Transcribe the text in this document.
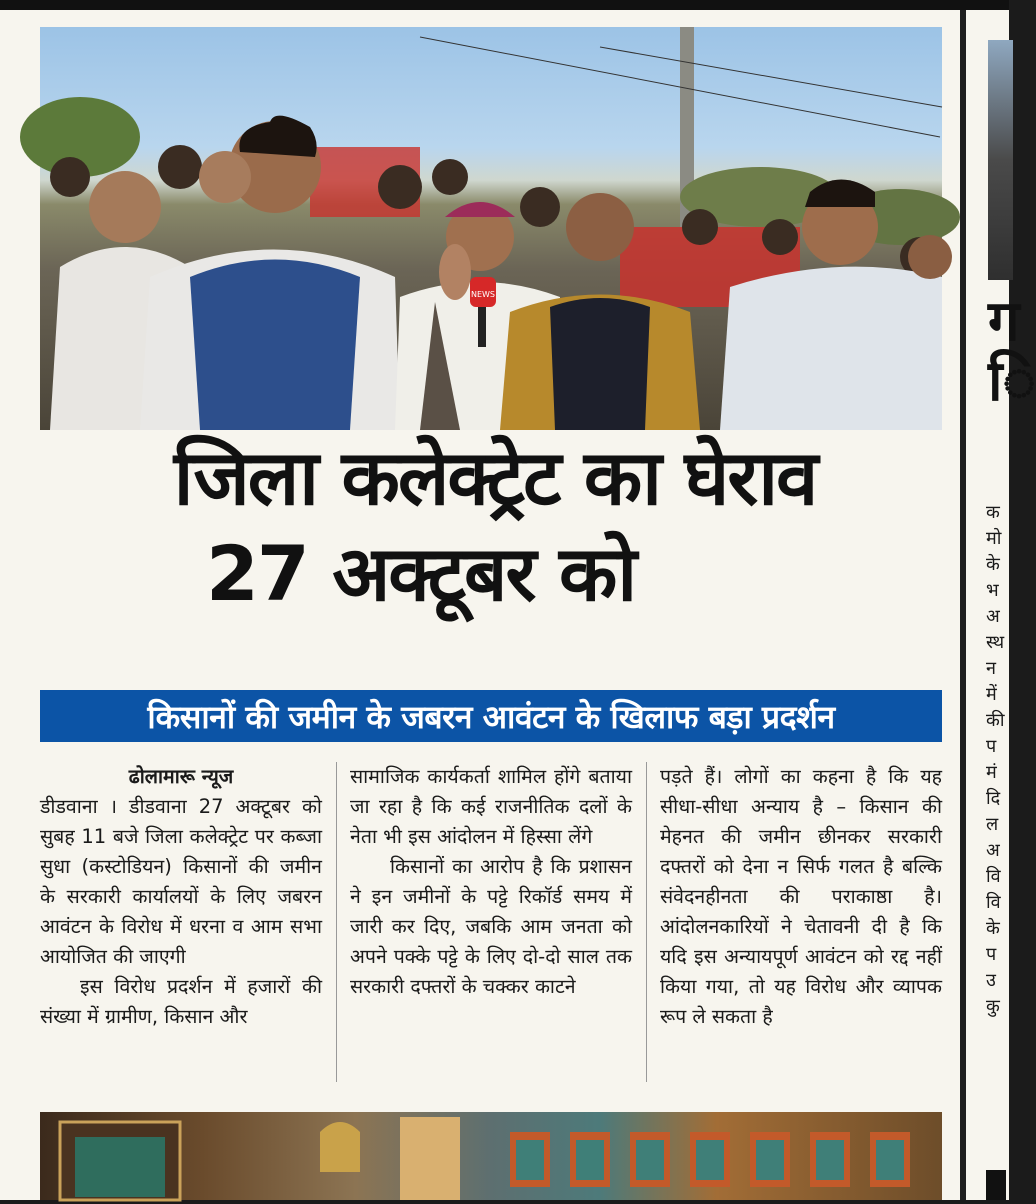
NEWS
जिला कलेक्ट्रेट का घेराव
27 अक्टूबर को
किसानों की जमीन के जबरन आवंटन के खिलाफ बड़ा प्रदर्शन
ढोलामारू न्यूज

डीडवाना । डीडवाना 27 अक्टूबर को सुबह 11 बजे जिला कलेक्ट्रेट पर कब्जा सुधा (कस्टोडियन) किसानों की जमीन के सरकारी कार्यालयों के लिए जबरन आवंटन के विरोध में धरना व आम सभा आयोजित की जाएगी

इस विरोध प्रदर्शन में हजारों की संख्या में ग्रामीण, किसान और

सामाजिक कार्यकर्ता शामिल होंगे बताया जा रहा है कि कई राजनीतिक दलों के नेता भी इस आंदोलन में हिस्सा लेंगे

किसानों का आरोप है कि प्रशासन ने इन जमीनों के पट्टे रिकॉर्ड समय में जारी कर दिए, जबकि आम जनता को अपने पक्के पट्टे के लिए दो-दो साल तक सरकारी दफ्तरों के चक्कर काटने

पड़ते हैं। लोगों का कहना है कि यह सीधा-सीधा अन्याय है – किसान की मेहनत की जमीन छीनकर सरकारी दफ्तरों को देना न सिर्फ गलत है बल्कि संवेदनहीनता की पराकाष्ठा है। आंदोलनकारियों ने चेतावनी दी है कि यदि इस अन्यायपूर्ण आवंटन को रद्द नहीं किया गया, तो यह विरोध और व्यापक रूप ले सकता है

ग
ि
क
मो
के
भ
अ
स्थ
न
में
की
प
मं
दि
ल
अ
वि
वि
के
प
उ
कु
